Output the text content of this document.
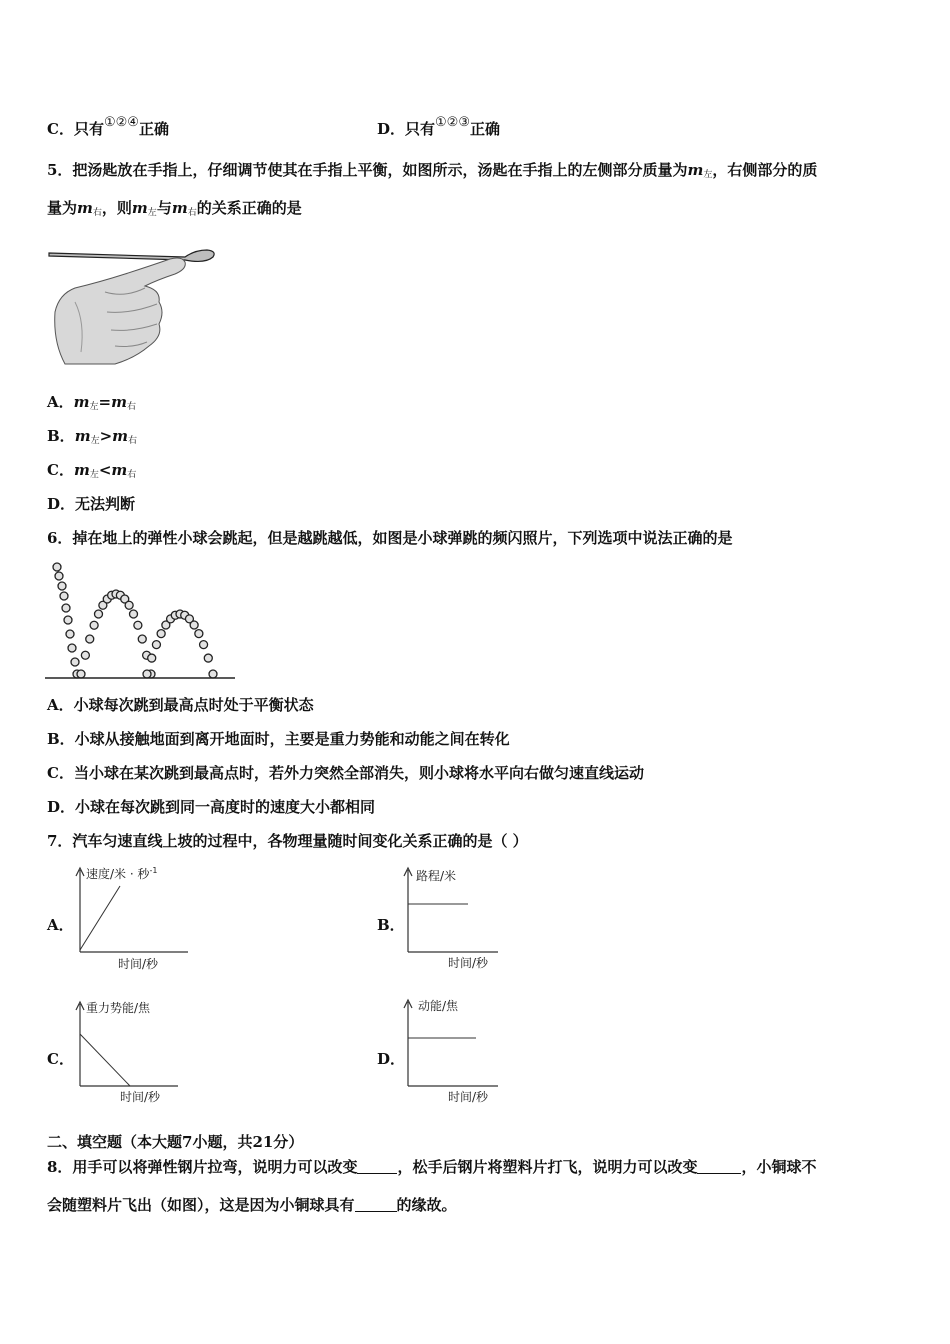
C．只有①②④正确	D．只有①②③正确
5．把汤匙放在手指上，仔细调节使其在手指上平衡，如图所示，汤匙在手指上的左侧部分质量为$m_左$，右侧部分的质
量为$m_右$，则$m_左$与$m_右$的关系正确的是
A．$m_左=m_右$
B．$m_左>m_右$
C．$m_左<m_右$
D．无法判断
6．掉在地上的弹性小球会跳起，但是越跳越低，如图是小球弹跳的频闪照片，下列选项中说法正确的是
A．小球每次跳到最高点时处于平衡状态
B．小球从接触地面到离开地面时，主要是重力势能和动能之间在转化
C．当小球在某次跳到最高点时，若外力突然全部消失，则小球将水平向右做匀速直线运动
D．小球在每次跳到同一高度时的速度大小都相同
7．汽车匀速直线上坡的过程中，各物理量随时间变化关系正确的是（ ）
A．
速度/米 · 秒$^{-1}$
时间/秒
B．
路程/米
时间/秒
C．
重力势能/焦
时间/秒
D．
动能/焦
时间/秒
二、填空题（本大题7小题，共21分）
8．用手可以将弹性钢片拉弯，说明力可以改变	，松手后钢片将塑料片打飞，说明力可以改变	，小铜球不
会随塑料片飞出（如图），这是因为小铜球具有	的缘故。
